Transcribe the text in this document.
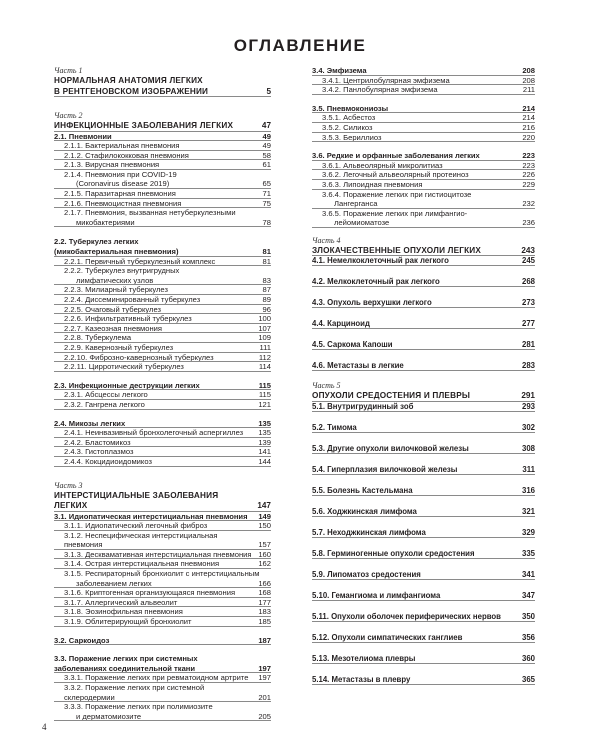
ОГЛАВЛЕНИЕ
Часть 1
НОРМАЛЬНАЯ АНАТОМИЯ ЛЕГКИХ
В РЕНТГЕНОВСКОМ ИЗОБРАЖЕНИИ	5
Часть 2
ИНФЕКЦИОННЫЕ ЗАБОЛЕВАНИЯ ЛЕГКИХ	47
2.1. Пневмонии	49
2.1.1. Бактериальная пневмония	49
2.1.2. Стафилококковая пневмония	58
2.1.3. Вирусная пневмония	61
2.1.4. Пневмония при COVID-19
(Coronavirus disease 2019)	65
2.1.5. Паразитарная пневмония	71
2.1.6. Пневмоцистная пневмония	75
2.1.7. Пневмония, вызванная нетуберкулезными
микобактериями	78
2.2. Туберкулез легких
(микобактериальная пневмония)	81
2.2.1. Первичный туберкулезный комплекс	81
2.2.2. Туберкулез внутригрудных
лимфатических узлов	83
2.2.3. Милиарный туберкулез	87
2.2.4. Диссеминированный туберкулез	89
2.2.5. Очаговый туберкулез	96
2.2.6. Инфильтративный туберкулез	100
2.2.7. Казеозная пневмония	107
2.2.8. Туберкулема	109
2.2.9. Кавернозный туберкулез	111
2.2.10. Фиброзно-кавернозный туберкулез	112
2.2.11. Цирротический туберкулез	114
2.3. Инфекционные деструкции легких	115
2.3.1. Абсцессы легкого	115
2.3.2. Гангрена легкого	121
2.4. Микозы легких	135
2.4.1. Неинвазивный бронхолегочный аспергиллез	135
2.4.2. Бластомикоз	139
2.4.3. Гистоплазмоз	141
2.4.4. Кокцидиоидомикоз	144
Часть 3
ИНТЕРСТИЦИАЛЬНЫЕ ЗАБОЛЕВАНИЯ ЛЕГКИХ	147
3.1. Идиопатическая интерстициальная пневмония	149
3.1.1. Идиопатический легочный фиброз	150
3.1.2. Неспецифическая интерстициальная пневмония	157
3.1.3. Десквамативная интерстициальная пневмония 160
3.1.4. Острая интерстициальная пневмония	162
3.1.5. Респираторный бронхиолит с интерстициальным
заболеванием легких	166
3.1.6. Криптогенная организующаяся пневмония	168
3.1.7. Аллергический альвеолит	177
3.1.8. Эозинофильная пневмония	183
3.1.9. Облитерирующий бронхиолит	185
3.2. Саркоидоз	187
3.3. Поражение легких при системных
заболеваниях соединительной ткани	197
3.3.1. Поражение легких при ревматоидном артрите	197
3.3.2. Поражение легких при системной склеродермии	201
3.3.3. Поражение легких при полимиозите
и дерматомиозите	205
3.4. Эмфизема	208
3.4.1. Центрилобулярная эмфизема	208
3.4.2. Панлобулярная эмфизема	211
3.5. Пневмокониозы	214
3.5.1. Асбестоз	214
3.5.2. Силикоз	216
3.5.3. Бериллиоз	220
3.6. Редкие и орфанные заболевания легких	223
3.6.1. Альвеолярный микролитиаз	223
3.6.2. Легочный альвеолярный протеиноз	226
3.6.3. Липоидная пневмония	229
3.6.4. Поражение легких при гистиоцитозе
Лангерганса	232
3.6.5. Поражение легких при лимфангио-
лейомиоматозе	236
Часть 4
ЗЛОКАЧЕСТВЕННЫЕ ОПУХОЛИ ЛЕГКИХ	243
4.1. Немелкоклеточный рак легкого	245
4.2. Мелкоклеточный рак легкого	268
4.3. Опухоль верхушки легкого	273
4.4. Карциноид	277
4.5. Саркома Капоши	281
4.6. Метастазы в легкие	283
Часть 5
ОПУХОЛИ СРЕДОСТЕНИЯ И ПЛЕВРЫ	291
5.1. Внутригрудинный зоб	293
5.2. Тимома	302
5.3. Другие опухоли вилочковой железы	308
5.4. Гиперплазия вилочковой железы	311
5.5. Болезнь Кастельмана	316
5.6. Ходжкинская лимфома	321
5.7. Неходжкинская лимфома	329
5.8. Герминогенные опухоли средостения	335
5.9. Липоматоз средостения	341
5.10. Гемангиома и лимфангиома	347
5.11. Опухоли оболочек периферических нервов	350
5.12. Опухоли симпатических ганглиев	356
5.13. Мезотелиома плевры	360
5.14. Метастазы в плевру	365
4
